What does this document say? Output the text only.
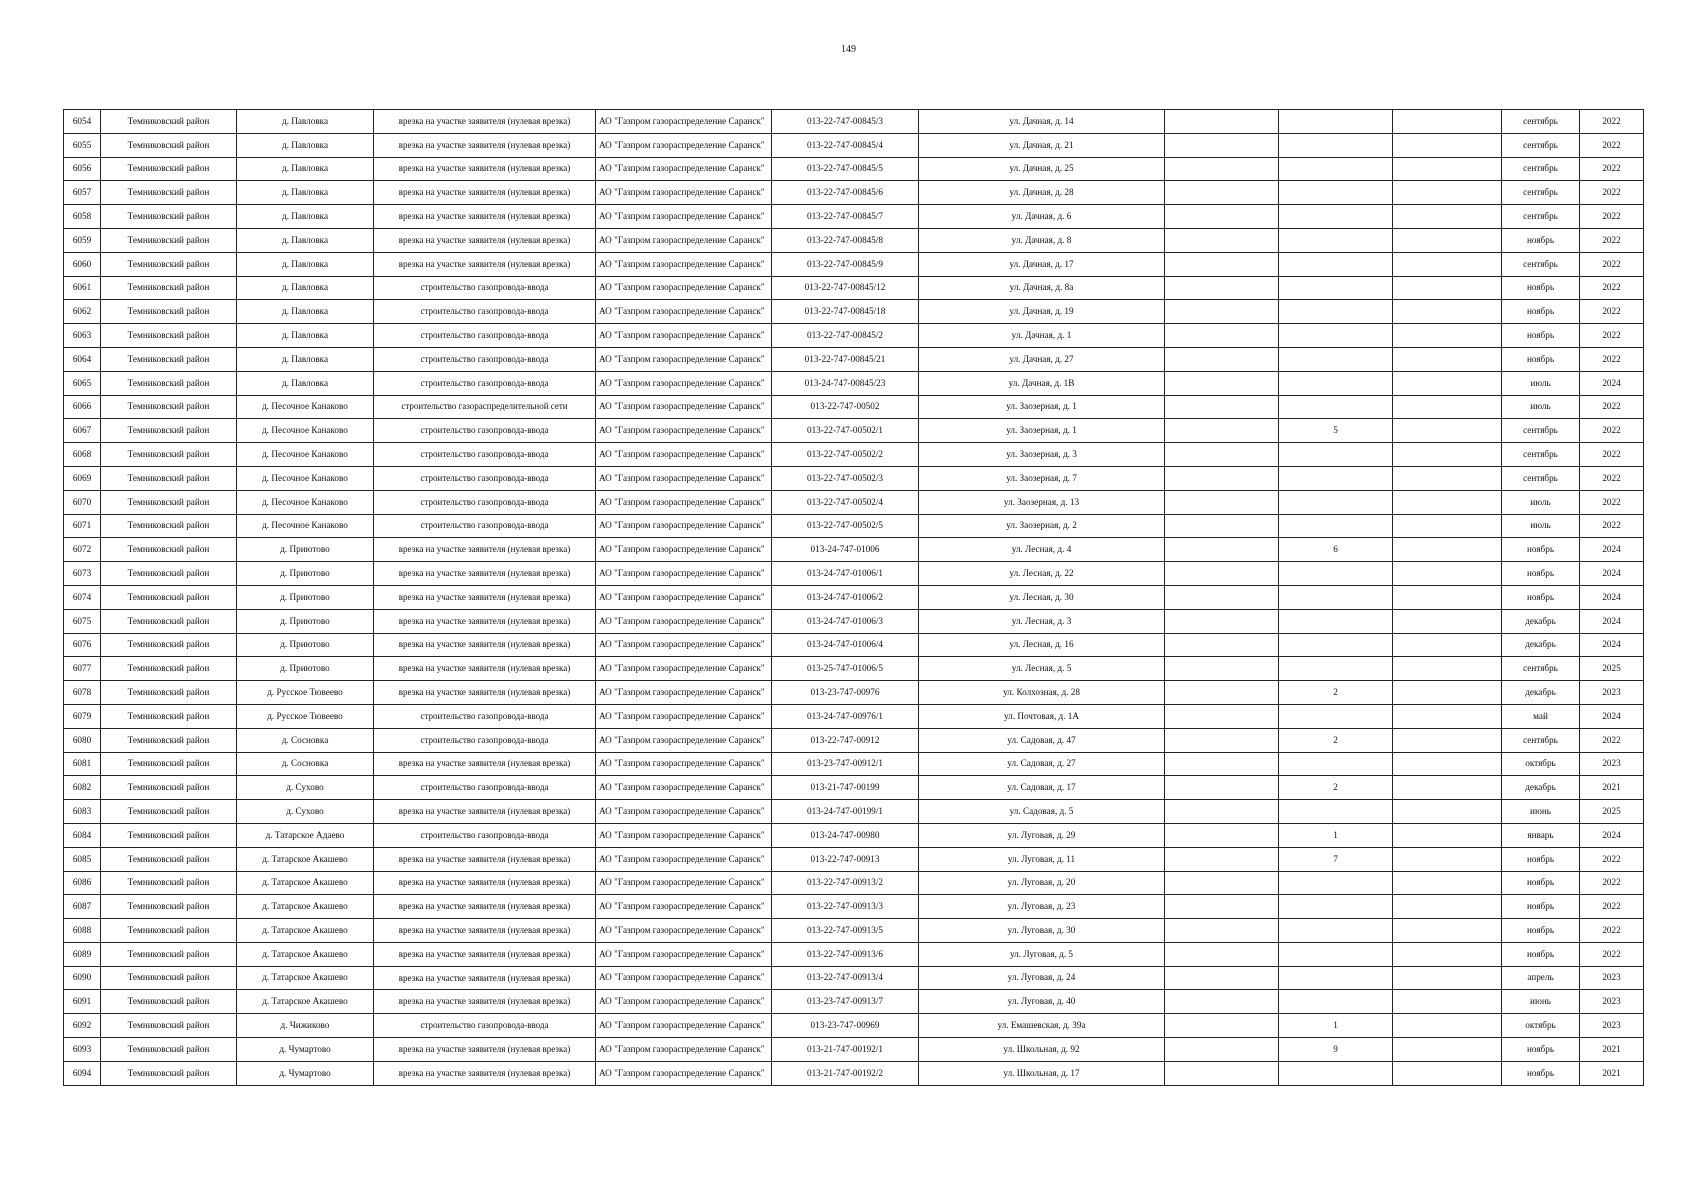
149
6054	Темниковский район	д. Павловка	врезка на участке заявителя (нулевая врезка)	АО "Газпром газораспределение Саранск"	013-22-747-00845/3	ул. Дачная, д. 14				сентябрь	2022
6055	Темниковский район	д. Павловка	врезка на участке заявителя (нулевая врезка)	АО "Газпром газораспределение Саранск"	013-22-747-00845/4	ул. Дачная, д. 21				сентябрь	2022
6056	Темниковский район	д. Павловка	врезка на участке заявителя (нулевая врезка)	АО "Газпром газораспределение Саранск"	013-22-747-00845/5	ул. Дачная, д. 25				сентябрь	2022
6057	Темниковский район	д. Павловка	врезка на участке заявителя (нулевая врезка)	АО "Газпром газораспределение Саранск"	013-22-747-00845/6	ул. Дачная, д. 28				сентябрь	2022
6058	Темниковский район	д. Павловка	врезка на участке заявителя (нулевая врезка)	АО "Газпром газораспределение Саранск"	013-22-747-00845/7	ул. Дачная, д. 6				сентябрь	2022
6059	Темниковский район	д. Павловка	врезка на участке заявителя (нулевая врезка)	АО "Газпром газораспределение Саранск"	013-22-747-00845/8	ул. Дачная, д. 8				ноябрь	2022
6060	Темниковский район	д. Павловка	врезка на участке заявителя (нулевая врезка)	АО "Газпром газораспределение Саранск"	013-22-747-00845/9	ул. Дачная, д. 17				сентябрь	2022
6061	Темниковский район	д. Павловка	строительство газопровода-ввода	АО "Газпром газораспределение Саранск"	013-22-747-00845/12	ул. Дачная, д. 8а				ноябрь	2022
6062	Темниковский район	д. Павловка	строительство газопровода-ввода	АО "Газпром газораспределение Саранск"	013-22-747-00845/18	ул. Дачная, д. 19				ноябрь	2022
6063	Темниковский район	д. Павловка	строительство газопровода-ввода	АО "Газпром газораспределение Саранск"	013-22-747-00845/2	ул. Дачная, д. 1				ноябрь	2022
6064	Темниковский район	д. Павловка	строительство газопровода-ввода	АО "Газпром газораспределение Саранск"	013-22-747-00845/21	ул. Дачная, д. 27				ноябрь	2022
6065	Темниковский район	д. Павловка	строительство газопровода-ввода	АО "Газпром газораспределение Саранск"	013-24-747-00845/23	ул. Дачная, д. 1В				июль	2024
6066	Темниковский район	д. Песочное Канаково	строительство газораспределительной сети	АО "Газпром газораспределение Саранск"	013-22-747-00502	ул. Заозерная, д. 1				июль	2022
6067	Темниковский район	д. Песочное Канаково	строительство газопровода-ввода	АО "Газпром газораспределение Саранск"	013-22-747-00502/1	ул. Заозерная, д. 1		5		сентябрь	2022
6068	Темниковский район	д. Песочное Канаково	строительство газопровода-ввода	АО "Газпром газораспределение Саранск"	013-22-747-00502/2	ул. Заозерная, д. 3				сентябрь	2022
6069	Темниковский район	д. Песочное Канаково	строительство газопровода-ввода	АО "Газпром газораспределение Саранск"	013-22-747-00502/3	ул. Заозерная, д. 7				сентябрь	2022
6070	Темниковский район	д. Песочное Канаково	строительство газопровода-ввода	АО "Газпром газораспределение Саранск"	013-22-747-00502/4	ул. Заозерная, д. 13				июль	2022
6071	Темниковский район	д. Песочное Канаково	строительство газопровода-ввода	АО "Газпром газораспределение Саранск"	013-22-747-00502/5	ул. Заозерная, д. 2				июль	2022
6072	Темниковский район	д. Приютово	врезка на участке заявителя (нулевая врезка)	АО "Газпром газораспределение Саранск"	013-24-747-01006	ул. Лесная, д. 4		6		ноябрь	2024
6073	Темниковский район	д. Приютово	врезка на участке заявителя (нулевая врезка)	АО "Газпром газораспределение Саранск"	013-24-747-01006/1	ул. Лесная, д. 22				ноябрь	2024
6074	Темниковский район	д. Приютово	врезка на участке заявителя (нулевая врезка)	АО "Газпром газораспределение Саранск"	013-24-747-01006/2	ул. Лесная, д. 30				ноябрь	2024
6075	Темниковский район	д. Приютово	врезка на участке заявителя (нулевая врезка)	АО "Газпром газораспределение Саранск"	013-24-747-01006/3	ул. Лесная, д. 3				декабрь	2024
6076	Темниковский район	д. Приютово	врезка на участке заявителя (нулевая врезка)	АО "Газпром газораспределение Саранск"	013-24-747-01006/4	ул. Лесная, д. 16				декабрь	2024
6077	Темниковский район	д. Приютово	врезка на участке заявителя (нулевая врезка)	АО "Газпром газораспределение Саранск"	013-25-747-01006/5	ул. Лесная, д. 5				сентябрь	2025
6078	Темниковский район	д. Русское Тювеево	врезка на участке заявителя (нулевая врезка)	АО "Газпром газораспределение Саранск"	013-23-747-00976	ул. Колхозная, д. 28		2		декабрь	2023
6079	Темниковский район	д. Русское Тювеево	строительство газопровода-ввода	АО "Газпром газораспределение Саранск"	013-24-747-00976/1	ул. Почтовая, д. 1А				май	2024
6080	Темниковский район	д. Сосновка	строительство газопровода-ввода	АО "Газпром газораспределение Саранск"	013-22-747-00912	ул. Садовая, д. 47		2		сентябрь	2022
6081	Темниковский район	д. Сосновка	врезка на участке заявителя (нулевая врезка)	АО "Газпром газораспределение Саранск"	013-23-747-00912/1	ул. Садовая, д. 27				октябрь	2023
6082	Темниковский район	д. Сухово	строительство газопровода-ввода	АО "Газпром газораспределение Саранск"	013-21-747-00199	ул. Садовая, д. 17		2		декабрь	2021
6083	Темниковский район	д. Сухово	врезка на участке заявителя (нулевая врезка)	АО "Газпром газораспределение Саранск"	013-24-747-00199/1	ул. Садовая, д. 5				июнь	2025
6084	Темниковский район	д. Татарское Адаево	строительство газопровода-ввода	АО "Газпром газораспределение Саранск"	013-24-747-00980	ул. Луговая, д. 29		1		январь	2024
6085	Темниковский район	д. Татарское Акашево	врезка на участке заявителя (нулевая врезка)	АО "Газпром газораспределение Саранск"	013-22-747-00913	ул. Луговая, д. 11		7		ноябрь	2022
6086	Темниковский район	д. Татарское Акашево	врезка на участке заявителя (нулевая врезка)	АО "Газпром газораспределение Саранск"	013-22-747-00913/2	ул. Луговая, д. 20				ноябрь	2022
6087	Темниковский район	д. Татарское Акашево	врезка на участке заявителя (нулевая врезка)	АО "Газпром газораспределение Саранск"	013-22-747-00913/3	ул. Луговая, д. 23				ноябрь	2022
6088	Темниковский район	д. Татарское Акашево	врезка на участке заявителя (нулевая врезка)	АО "Газпром газораспределение Саранск"	013-22-747-00913/5	ул. Луговая, д. 30				ноябрь	2022
6089	Темниковский район	д. Татарское Акашево	врезка на участке заявителя (нулевая врезка)	АО "Газпром газораспределение Саранск"	013-22-747-00913/6	ул. Луговая, д. 5				ноябрь	2022
6090	Темниковский район	д. Татарское Акашево	врезка на участке заявителя (нулевая врезка)	АО "Газпром газораспределение Саранск"	013-22-747-00913/4	ул. Луговая, д. 24				апрель	2023
6091	Темниковский район	д. Татарское Акашево	врезка на участке заявителя (нулевая врезка)	АО "Газпром газораспределение Саранск"	013-23-747-00913/7	ул. Луговая, д. 40				июнь	2023
6092	Темниковский район	д. Чижиково	строительство газопровода-ввода	АО "Газпром газораспределение Саранск"	013-23-747-00969	ул. Емашевская, д. 39а		1		октябрь	2023
6093	Темниковский район	д. Чумартово	врезка на участке заявителя (нулевая врезка)	АО "Газпром газораспределение Саранск"	013-21-747-00192/1	ул. Школьная, д. 92		9		ноябрь	2021
6094	Темниковский район	д. Чумартово	врезка на участке заявителя (нулевая врезка)	АО "Газпром газораспределение Саранск"	013-21-747-00192/2	ул. Школьная, д. 17				ноябрь	2021
